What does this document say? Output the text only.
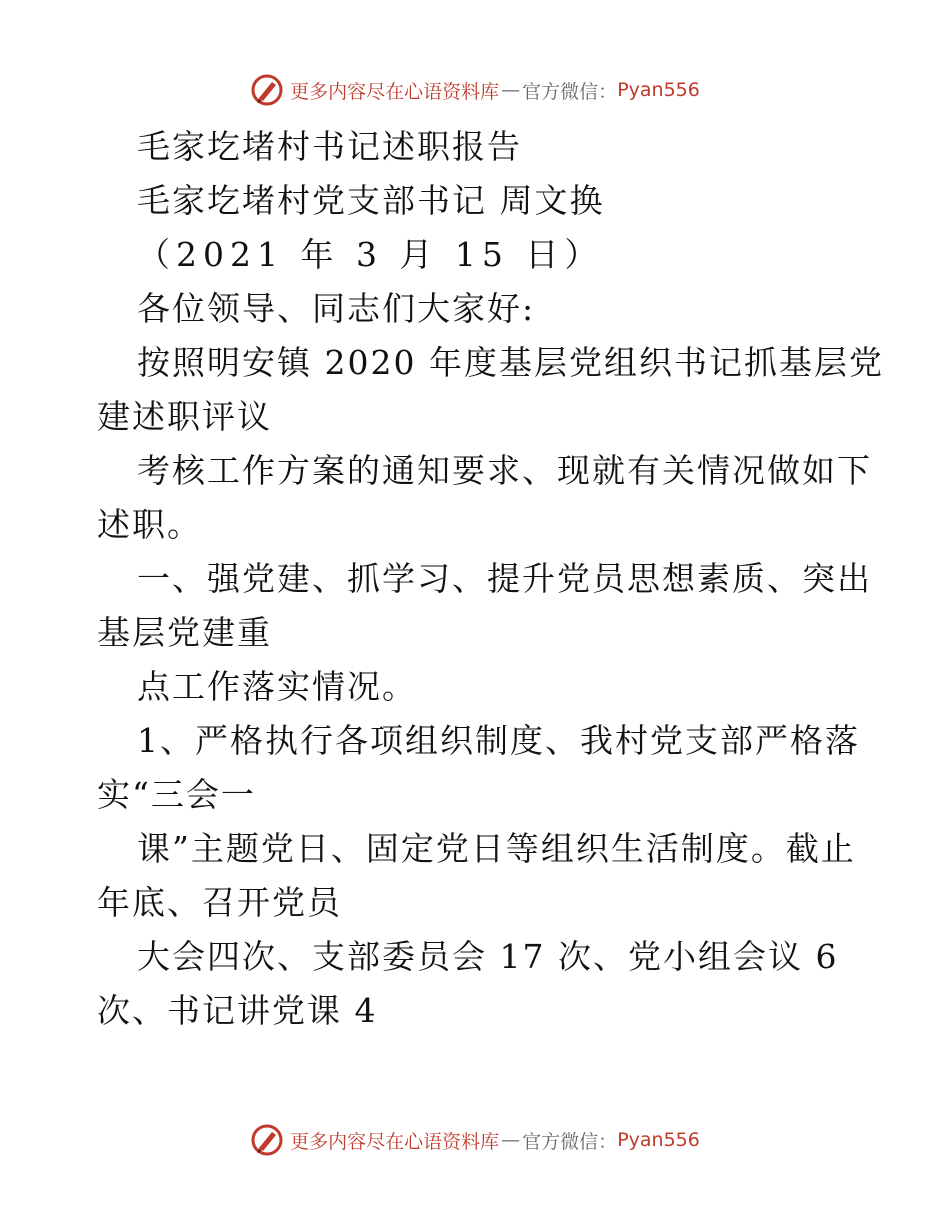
更多内容尽在心语资料库 — 官方微信： Pyan556
毛家圪堵村书记述职报告
毛家圪堵村党支部书记 周文换
（2021 年 3 月 15 日）
各位领导、同志们大家好:
按照明安镇 2020 年度基层党组织书记抓基层党
建述职评议
考核工作方案的通知要求、现就有关情况做如下
述职。
一、强党建、抓学习、提升党员思想素质、突出
基层党建重
点工作落实情况。
1、严格执行各项组织制度、我村党支部严格落
实“三会一
课”主题党日、固定党日等组织生活制度。截止
年底、召开党员
大会四次、支部委员会 17 次、党小组会议 6
次、书记讲党课 4
更多内容尽在心语资料库 — 官方微信： Pyan556
